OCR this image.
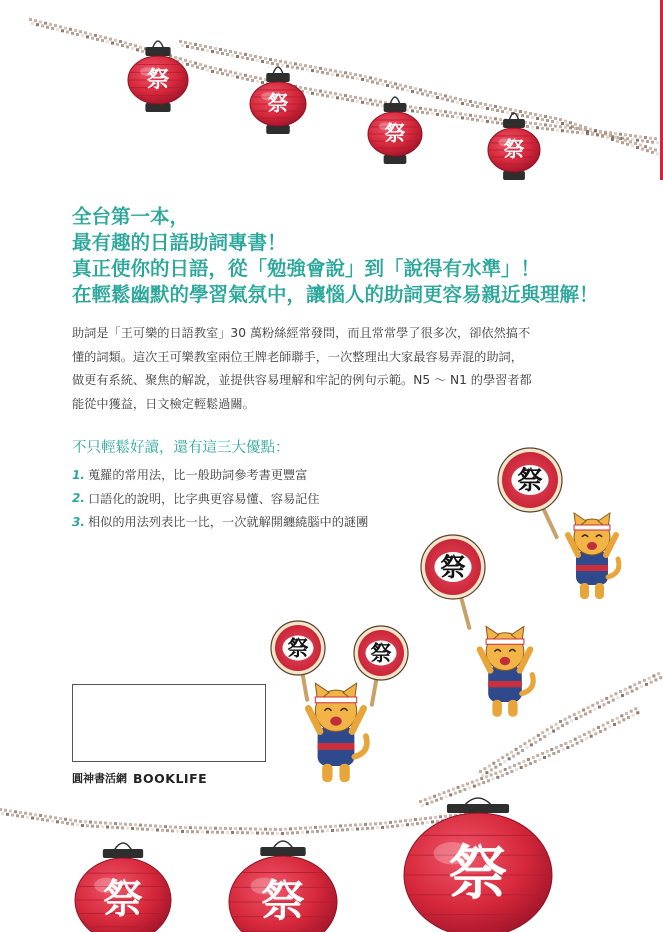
祭
祭
祭
祭
祭	祭 祭
祭
祭
祭	祭
全台第一本，
最有趣的日語助詞專書！
真正使你的日語，從「勉強會說」到「說得有水準」！
在輕鬆幽默的學習氣氛中，讓惱人的助詞更容易親近與理解！
助詞是「王可樂的日語教室」30 萬粉絲經常發問，而且常常學了很多次，卻依然搞不
懂的詞類。這次王可樂教室兩位王牌老師聯手，一次整理出大家最容易弄混的助詞，
做更有系統、聚焦的解說，並提供容易理解和牢記的例句示範。N5 ～ N1 的學習者都
能從中獲益，日文檢定輕鬆過關。
不只輕鬆好讀，還有這三大優點：
1. 蒐羅的常用法，比一般助詞參考書更豐富
2. 口語化的說明，比字典更容易懂、容易記住
3. 相似的用法列表比一比，一次就解開纏繞腦中的謎團
圓神書活網 BOOKLIFE
